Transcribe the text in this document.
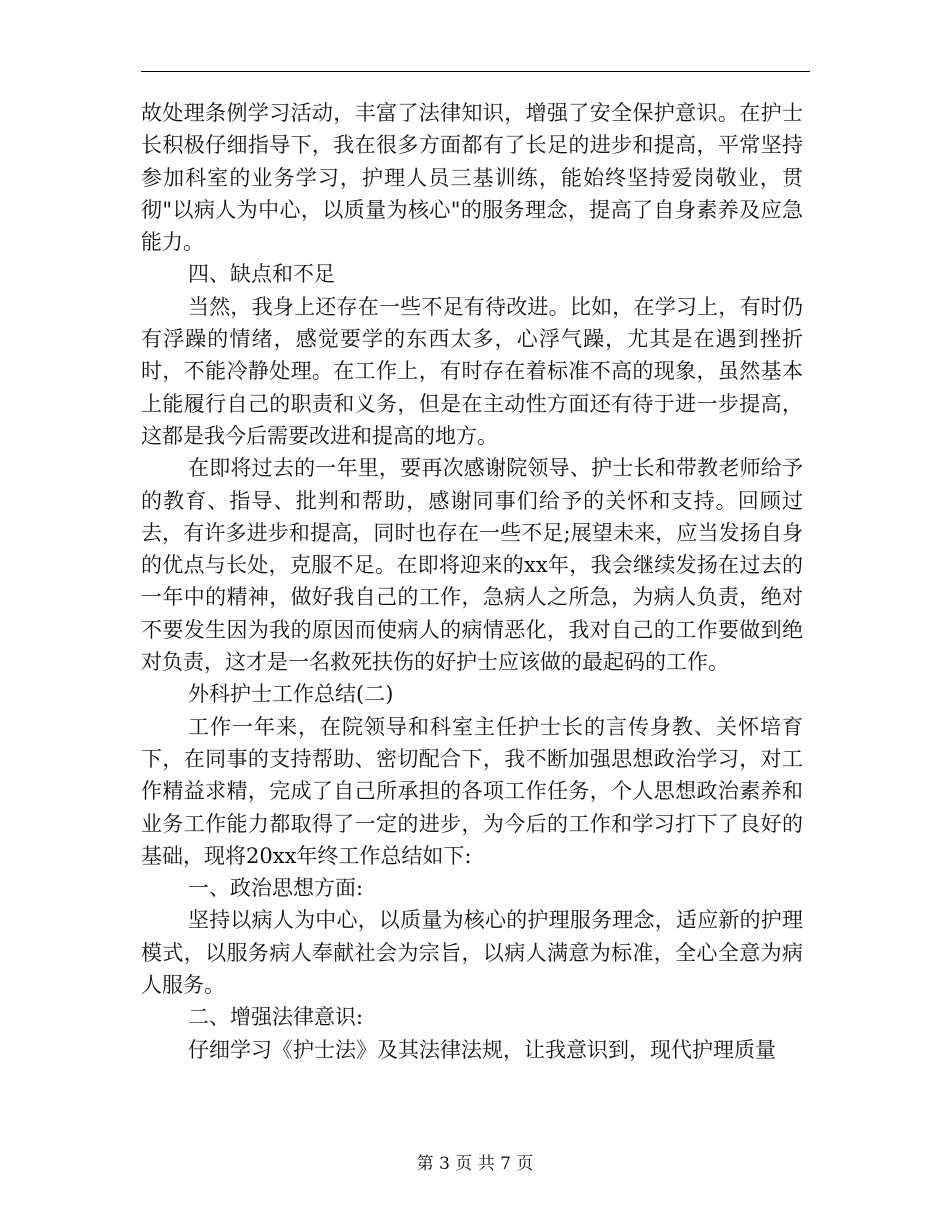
故处理条例学习活动，丰富了法律知识，增强了安全保护意识。在护士长积极仔细指导下，我在很多方面都有了长足的进步和提高，平常坚持参加科室的业务学习，护理人员三基训练，能始终坚持爱岗敬业，贯彻"以病人为中心，以质量为核心"的服务理念，提高了自身素养及应急能力。

四、缺点和不足

当然，我身上还存在一些不足有待改进。比如，在学习上，有时仍有浮躁的情绪，感觉要学的东西太多，心浮气躁，尤其是在遇到挫折时，不能冷静处理。在工作上，有时存在着标准不高的现象，虽然基本上能履行自己的职责和义务，但是在主动性方面还有待于进一步提高，这都是我今后需要改进和提高的地方。

在即将过去的一年里，要再次感谢院领导、护士长和带教老师给予的教育、指导、批判和帮助，感谢同事们给予的关怀和支持。回顾过去，有许多进步和提高，同时也存在一些不足;展望未来，应当发扬自身的优点与长处，克服不足。在即将迎来的xx年，我会继续发扬在过去的一年中的精神，做好我自己的工作，急病人之所急，为病人负责，绝对不要发生因为我的原因而使病人的病情恶化，我对自己的工作要做到绝对负责，这才是一名救死扶伤的好护士应该做的最起码的工作。

外科护士工作总结(二)

工作一年来，在院领导和科室主任护士长的言传身教、关怀培育下，在同事的支持帮助、密切配合下，我不断加强思想政治学习，对工作精益求精，完成了自己所承担的各项工作任务，个人思想政治素养和业务工作能力都取得了一定的进步，为今后的工作和学习打下了良好的基础，现将20xx年终工作总结如下:

一、政治思想方面:

坚持以病人为中心，以质量为核心的护理服务理念，适应新的护理模式，以服务病人奉献社会为宗旨，以病人满意为标准，全心全意为病人服务。

二、增强法律意识:

仔细学习《护士法》及其法律法规，让我意识到，现代护理质量

第 3 页 共 7 页
